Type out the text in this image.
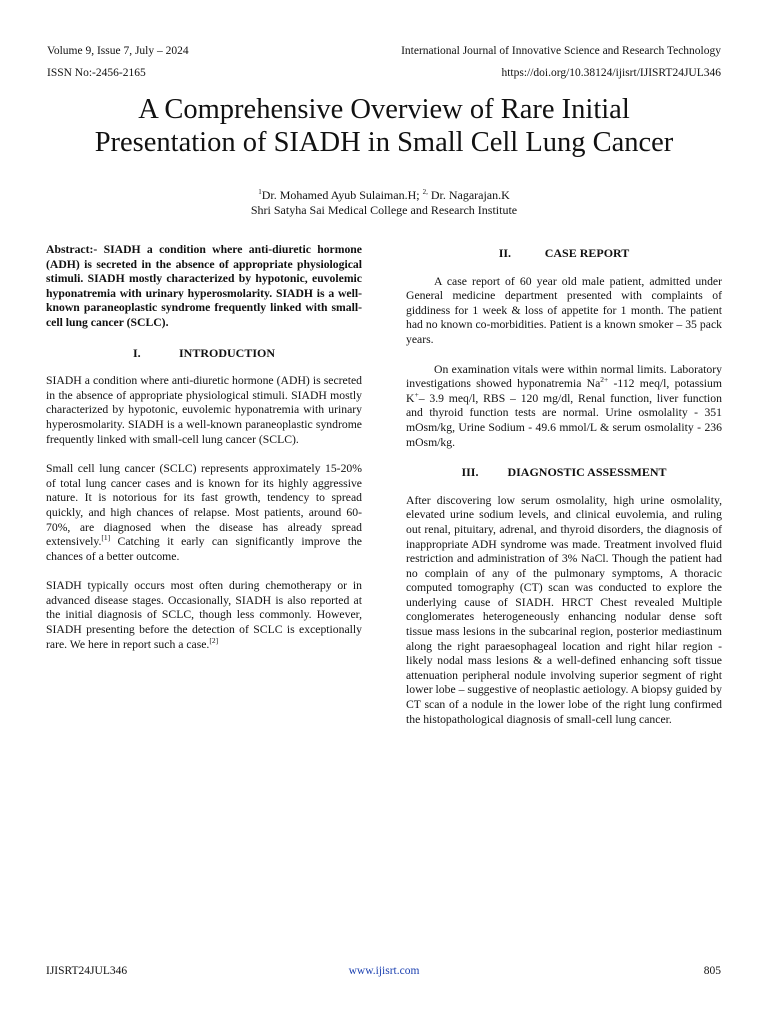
Volume 9, Issue 7, July – 2024
ISSN No:-2456-2165
International Journal of Innovative Science and Research Technology
https://doi.org/10.38124/ijisrt/IJISRT24JUL346
A Comprehensive Overview of Rare Initial
Presentation of SIADH in Small Cell Lung Cancer
$^1$Dr. Mohamed Ayub Sulaiman.H; $^{2,}$ Dr. Nagarajan.K
Shri Satyha Sai Medical College and Research Institute

Abstract:- SIADH a condition where anti-diuretic hormone (ADH) is secreted in the absence of appropriate physiological stimuli. SIADH mostly characterized by hypotonic, euvolemic hyponatremia with urinary hyperosmolarity. SIADH is a well-known paraneoplastic syndrome frequently linked with small-cell lung cancer (SCLC).

I.	INTRODUCTION

SIADH a condition where anti-diuretic hormone (ADH) is secreted in the absence of appropriate physiological stimuli. SIADH mostly characterized by hypotonic, euvolemic hyponatremia with urinary hyperosmolarity. SIADH is a well-known paraneoplastic syndrome frequently linked with small-cell lung cancer (SCLC).

Small cell lung cancer (SCLC) represents approximately 15-20% of total lung cancer cases and is known for its highly aggressive nature. It is notorious for its fast growth, tendency to spread quickly, and high chances of relapse. Most patients, around 60-70%, are diagnosed when the disease has already spread extensively.[1] Catching it early can significantly improve the chances of a better outcome.

SIADH typically occurs most often during chemotherapy or in advanced disease stages. Occasionally, SIADH is also reported at the initial diagnosis of SCLC, though less commonly. However, SIADH presenting before the detection of SCLC is exceptionally rare. We here in report such a case.[2]

II.	CASE REPORT

A case report of 60 year old male patient, admitted under General medicine department presented with complaints of giddiness for 1 week & loss of appetite for 1 month. The patient had no known co-morbidities. Patient is a known smoker – 35 pack years.

On examination vitals were within normal limits. Laboratory investigations showed hyponatremia $Na^{2+}$ -112 meq/l, potassium K+– 3.9 meq/l, RBS – 120 mg/dl, Renal function, liver function and thyroid function tests are normal. Urine osmolality - 351 mOsm/kg, Urine Sodium - 49.6 mmol/L & serum osmolality - 236 mOsm/kg.

III.	DIAGNOSTIC ASSESSMENT

After discovering low serum osmolality, high urine osmolality, elevated urine sodium levels, and clinical euvolemia, and ruling out renal, pituitary, adrenal, and thyroid disorders, the diagnosis of inappropriate ADH syndrome was made. Treatment involved fluid restriction and administration of 3% NaCl. Though the patient had no complain of any of the pulmonary symptoms, A thoracic computed tomography (CT) scan was conducted to explore the underlying cause of SIADH. HRCT Chest revealed Multiple conglomerates heterogeneously enhancing nodular dense soft tissue mass lesions in the subcarinal region, posterior mediastinum along the right paraesophageal location and right hilar region -likely nodal mass lesions & a well-defined enhancing soft tissue attenuation peripheral nodule involving superior segment of right lower lobe – suggestive of neoplastic aetiology. A biopsy guided by CT scan of a nodule in the lower lobe of the right lung confirmed the histopathological diagnosis of small-cell lung cancer.

IJISRT24JUL346	www.ijisrt.com	805
